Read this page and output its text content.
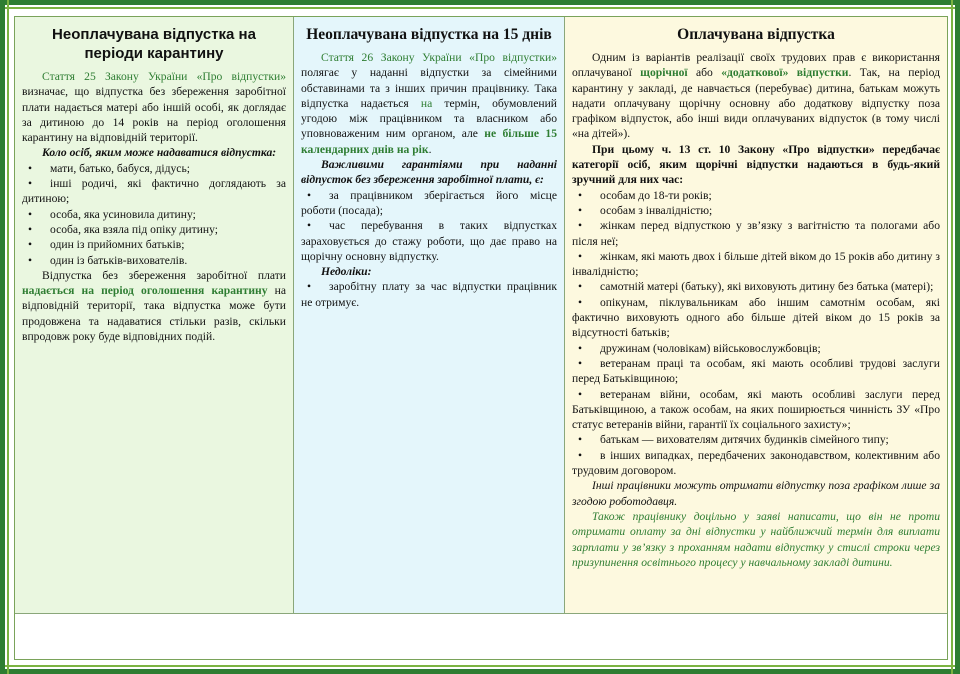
Неоплачувана відпустка на періоди карантину

Стаття 25 Закону України «Про відпустки» визначає, що відпустка без збереження заробітної плати надається матері або іншій особі, як доглядає за дитиною до 14 років на період оголошення карантину на відповідній території.

Коло осіб, яким може надаватися відпустка:

• мати, батько, бабуся, дідусь;
• інші родичі, які фактично доглядають за дитиною;
• особа, яка усиновила дитину;
• особа, яка взяла під опіку дитину;
• один із прийомних батьків;
• один із батьків-вихователів.

Відпустка без збереження заробітної плати надається на період оголошення карантину на відповідній території, така відпустка може бути продовжена та надаватися стільки разів, скільки впродовж року буде відповідних подій.

Неоплачувана відпустка на 15 днів

Стаття 26 Закону України «Про відпустки» полягає у наданні відпустки за сімейними обставинами та з інших причин працівнику. Така відпустка надається на термін, обумовлений угодою між працівником та власником або уповноваженим ним органом, але не більше 15 календарних днів на рік.

Важливими гарантіями при наданні відпусток без збереження заробітної плати, є:

• за працівником зберігається його місце роботи (посада);
• час перебування в таких відпустках зараховується до стажу роботи, що дає право на щорічну основну відпустку.

Недоліки:

• заробітну плату за час відпустки працівник не отримує.
Оплачувана відпустка

Одним із варіантів реалізації своїх трудових прав є використання оплачуваної щорічної або «додаткової» відпустки. Так, на період карантину у закладі, де навчається (перебуває) дитина, батькам можуть надати оплачувану щорічну основну або додаткову відпустку поза графіком відпусток, або інші види оплачуваних відпусток (в тому числі «на дітей»).

При цьому ч. 13 ст. 10 Закону «Про відпустки» передбачає категорії осіб, яким щорічні відпустки надаються в будь-який зручний для них час:

• особам до 18-ти років;
• особам з інвалідністю;
• жінкам перед відпусткою у зв’язку з вагітністю та пологами або після неї;
• жінкам, які мають двох і більше дітей віком до 15 років або дитину з інвалідністю;
• самотній матері (батьку), які виховують дитину без батька (матері);
• опікунам, піклувальникам або іншим самотнім особам, які фактично виховують одного або більше дітей віком до 15 років за відсутності батьків;
• дружинам (чоловікам) військовослужбовців;
• ветеранам праці та особам, які мають особливі трудові заслуги перед Батьківщиною;
• ветеранам війни, особам, які мають особливі заслуги перед Батьківщиною, а також особам, на яких поширюється чинність ЗУ «Про статус ветеранів війни, гарантії їх соціального захисту»;
• батькам — вихователям дитячих будинків сімейного типу;
• в інших випадках, передбачених законодавством, колективним або трудовим договором.

Інші працівники можуть отримати відпустку поза графіком лише за згодою роботодавця.

Також працівнику доцільно у заяві написати, що він не проти отримати оплату за дні відпустки у найближчий термін для виплати зарплати у зв’язку з проханням надати відпустку у стислі строки через призупинення освітнього процесу у навчальному закладі дитини.
